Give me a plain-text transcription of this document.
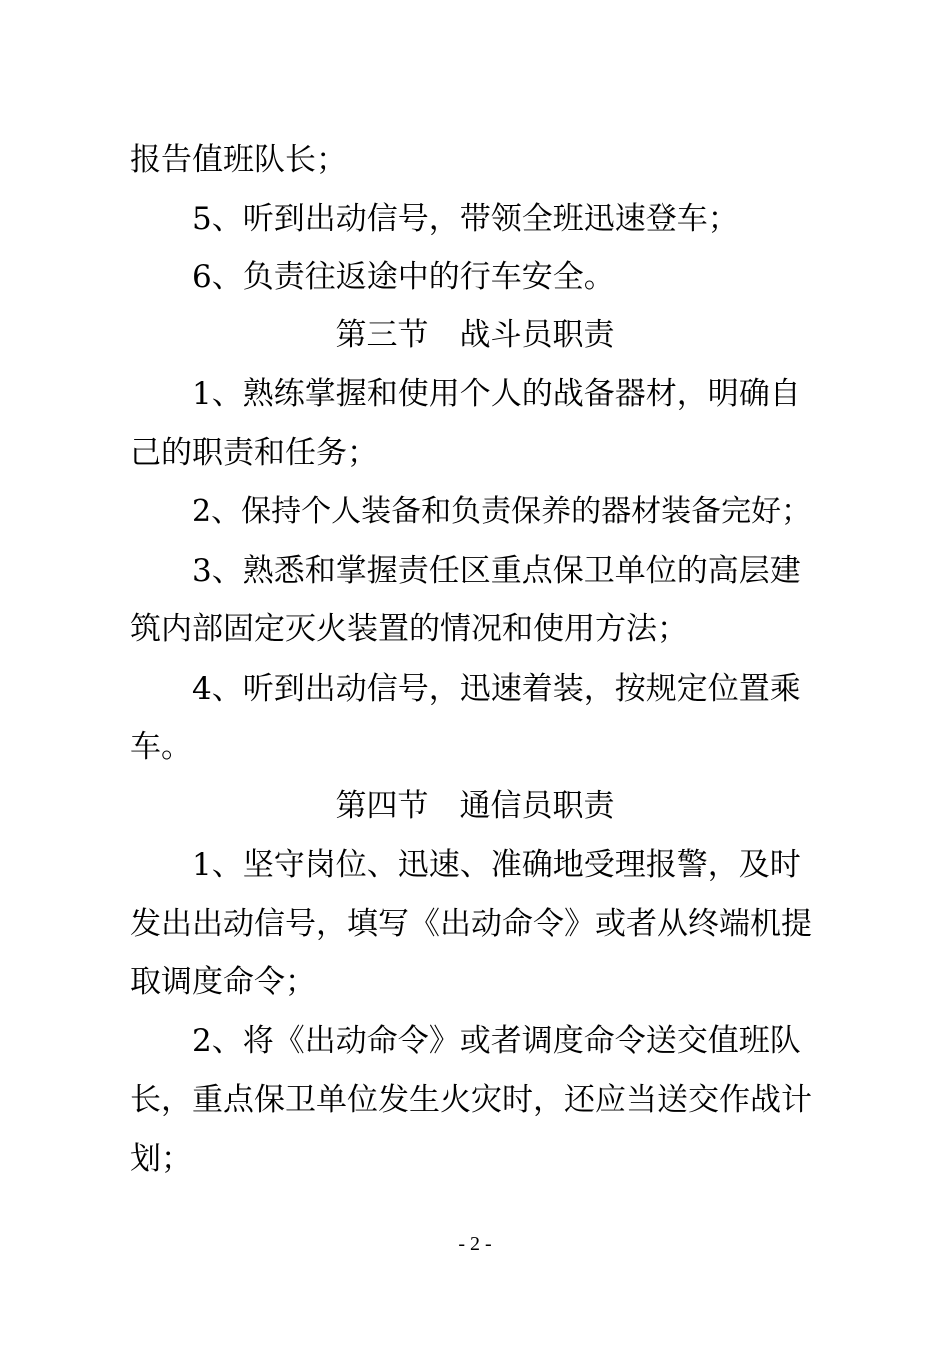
报告值班队长；
5、听到出动信号，带领全班迅速登车；
6、负责往返途中的行车安全。
第三节　战斗员职责
1、熟练掌握和使用个人的战备器材，明确自
己的职责和任务；
2、保持个人装备和负责保养的器材装备完好；
3、熟悉和掌握责任区重点保卫单位的高层建
筑内部固定灭火装置的情况和使用方法；
4、听到出动信号，迅速着装，按规定位置乘
车。
第四节　通信员职责
1、坚守岗位、迅速、准确地受理报警，及时
发出出动信号，填写《出动命令》或者从终端机提
取调度命令；
2、将《出动命令》或者调度命令送交值班队
长，重点保卫单位发生火灾时，还应当送交作战计
划；
- 2 -
